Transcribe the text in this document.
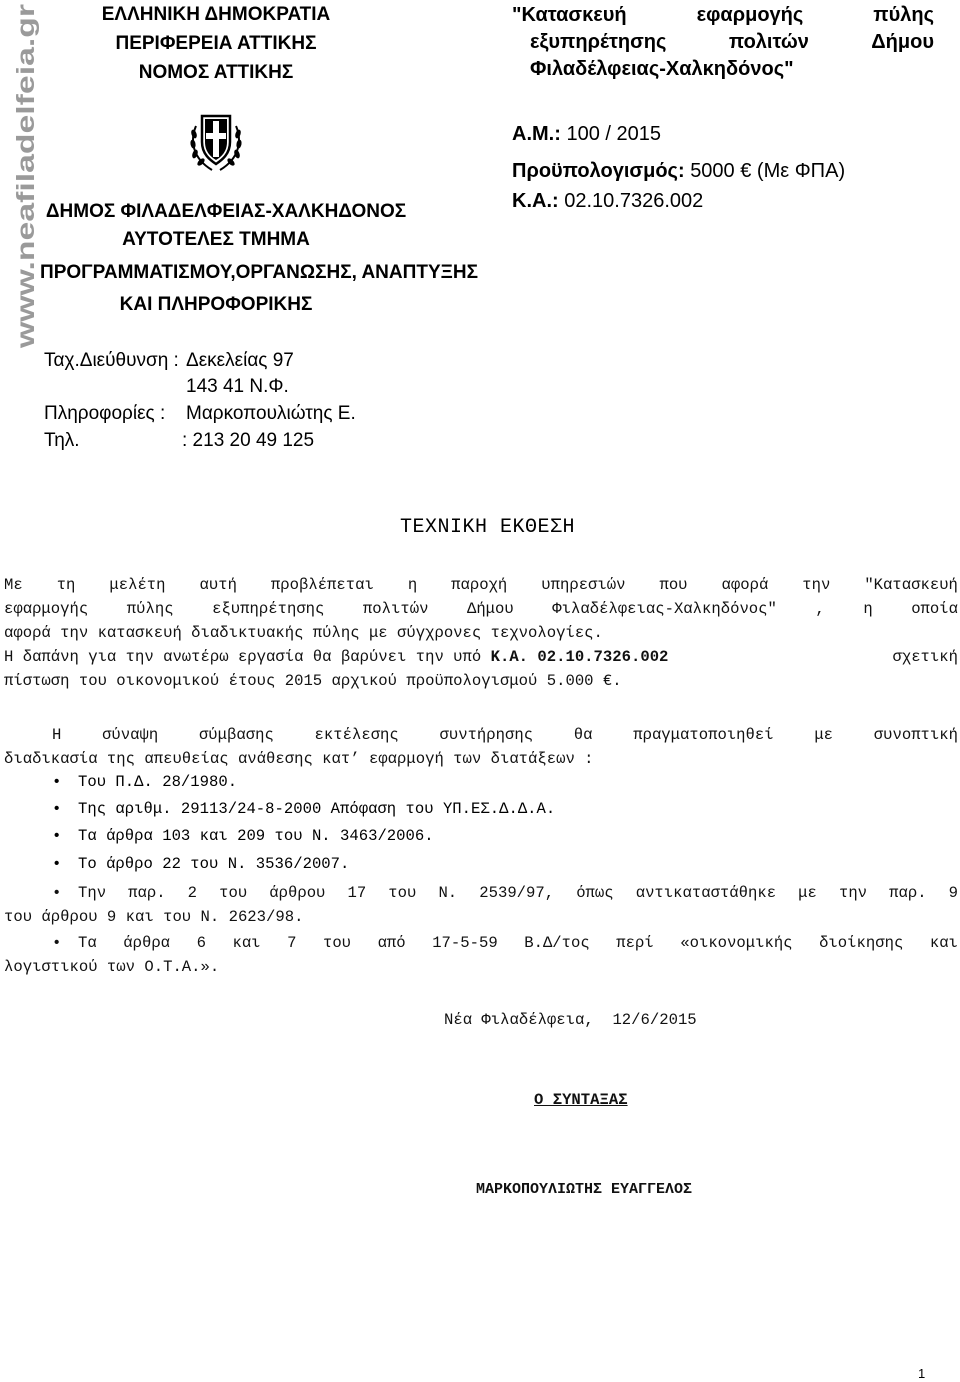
www.neafiladelfeia.gr
ΕΛΛΗΝΙΚΗ ΔΗΜΟΚΡΑΤΙΑ
ΠΕΡΙΦΕΡΕΙΑ ΑΤΤΙΚΗΣ
ΝΟΜΟΣ ΑΤΤΙΚΗΣ
ΔΗΜΟΣ ΦΙΛΑΔΕΛΦΕΙΑΣ-ΧΑΛΚΗΔΟΝΟΣ
ΑΥΤΟΤΕΛΕΣ ΤΜΗΜΑ
ΠΡΟΓΡΑΜΜΑΤΙΣΜΟΥ,ΟΡΓΑΝΩΣΗΣ, ΑΝΑΠΤΥΞΗΣ
ΚΑΙ ΠΛΗΡΟΦΟΡΙΚΗΣ
Ταχ.Διεύθυνση : Δεκελείας 97
143 41 Ν.Φ.
Πληροφορίες : Μαρκοπουλιώτης Ε.
Τηλ.	: 213 20 49 125
"Κατασκευή	εφαρμογής	πύλης
εξυπηρέτησης	πολιτών	Δήμου
Φιλαδέλφειας-Χαλκηδόνος"
Α.Μ.: 100 / 2015
Προϋπολογισμός: 5000 € (Με ΦΠΑ)
Κ.Α.: 02.10.7326.002
ΤΕΧΝΙΚΗ ΕΚΘΕΣΗ
Με τη μελέτη αυτή προβλέπεται η παροχή υπηρεσιών που αφορά την "Κατασκευή
εφαρμογής πύλης εξυπηρέτησης πολιτών Δήμου Φιλαδέλφειας-Χαλκηδόνος" , η οποία
αφορά την κατασκευή διαδικτυακής πύλης με σύγχρονες τεχνολογίες.
Η δαπάνη για την ανωτέρω εργασία θα βαρύνει την υπό Κ.Α. 02.10.7326.002	σχετική
πίστωση του οικονομικού έτους 2015 αρχικού προϋπολογισμού 5.000 €.
Η	σύναψη	σύμβασης	εκτέλεσης	συντήρησης	θα	πραγματοποιηθεί	με	συνοπτική
διαδικασία της απευθείας ανάθεσης κατ’ εφαρμογή των διατάξεων :
• Του Π.Δ. 28/1980.
• Της αριθμ. 29113/24-8-2000 Απόφαση του ΥΠ.ΕΣ.Δ.Δ.Α.
• Τα άρθρα 103 και 209 του Ν. 3463/2006.
• Το άρθρο 22 του Ν. 3536/2007.
•	Την παρ. 2 του άρθρου 17 του Ν. 2539/97, όπως αντικαταστάθηκε με την παρ. 9
του άρθρου 9 και του Ν. 2623/98.
•	Τα άρθρα 6 και 7 του από 17-5-59 Β.Δ/τος περί «οικονομικής διοίκησης και
λογιστικού των Ο.Τ.Α.».
Νέα Φιλαδέλφεια,  12/6/2015
Ο ΣΥΝΤΑΞΑΣ
ΜΑΡΚΟΠΟΥΛΙΩΤΗΣ ΕΥΑΓΓΕΛΟΣ
1
